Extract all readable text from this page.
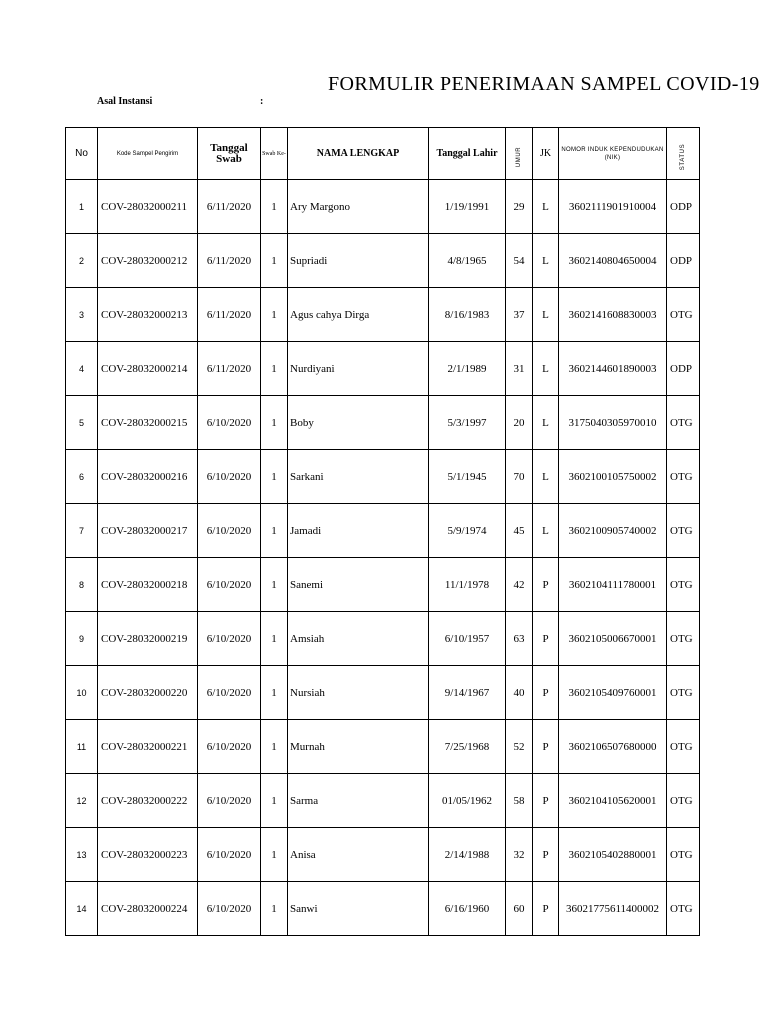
FORMULIR PENERIMAAN SAMPEL COVID-19
Asal Instansi	:
No	Kode Sampel Pengirim	Tanggal Swab	Swab Ke-	NAMA LENGKAP	Tanggal Lahir	UMUR	JK	NOMOR INDUK KEPENDUDUKAN (NIK)	STATUS
1	COV-28032000211	6/11/2020	1	Ary Margono	1/19/1991	29	L	3602111901910004	ODP
2	COV-28032000212	6/11/2020	1	Supriadi	4/8/1965	54	L	3602140804650004	ODP
3	COV-28032000213	6/11/2020	1	Agus cahya Dirga	8/16/1983	37	L	3602141608830003	OTG
4	COV-28032000214	6/11/2020	1	Nurdiyani	2/1/1989	31	L	3602144601890003	ODP
5	COV-28032000215	6/10/2020	1	Boby	5/3/1997	20	L	3175040305970010	OTG
6	COV-28032000216	6/10/2020	1	Sarkani	5/1/1945	70	L	3602100105750002	OTG
7	COV-28032000217	6/10/2020	1	Jamadi	5/9/1974	45	L	3602100905740002	OTG
8	COV-28032000218	6/10/2020	1	Sanemi	11/1/1978	42	P	3602104111780001	OTG
9	COV-28032000219	6/10/2020	1	Amsiah	6/10/1957	63	P	3602105006670001	OTG
10	COV-28032000220	6/10/2020	1	Nursiah	9/14/1967	40	P	3602105409760001	OTG
11	COV-28032000221	6/10/2020	1	Murnah	7/25/1968	52	P	3602106507680000	OTG
12	COV-28032000222	6/10/2020	1	Sarma	01/05/1962	58	P	3602104105620001	OTG
13	COV-28032000223	6/10/2020	1	Anisa	2/14/1988	32	P	3602105402880001	OTG
14	COV-28032000224	6/10/2020	1	Sanwi	6/16/1960	60	P	36021775611400002	OTG
